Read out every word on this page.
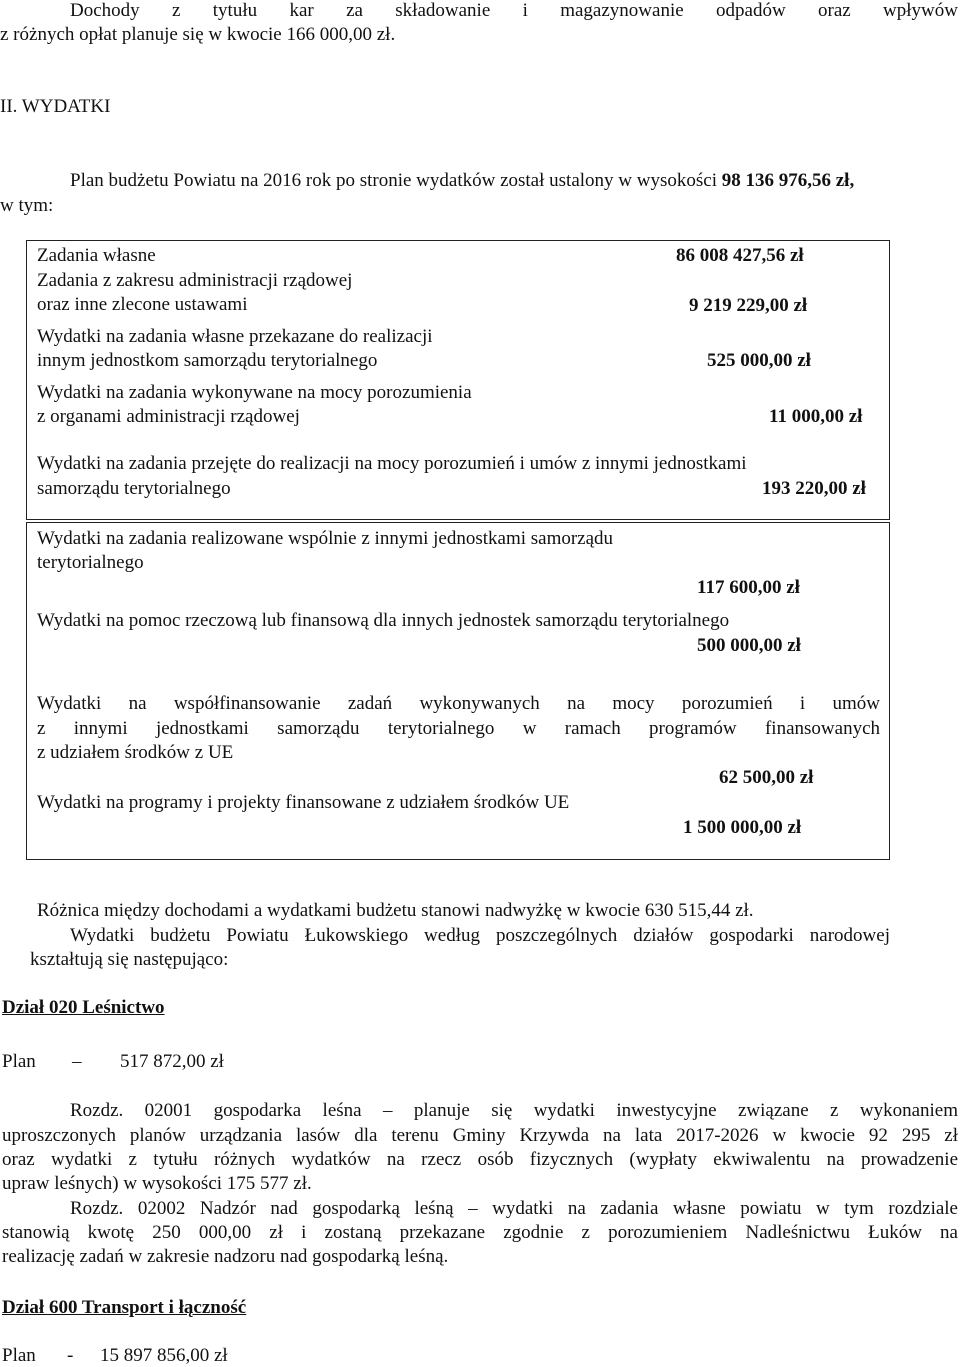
Dochody z tytułu kar za składowanie i magazynowanie odpadów oraz wpływów
z różnych opłat planuje się w kwocie 166 000,00 zł.
II. WYDATKI
Plan budżetu Powiatu na 2016 rok po stronie wydatków został ustalony w wysokości 98 136 976,56 zł,
w tym:
Zadania własne	86 008 427,56 zł
Zadania z zakresu administracji rządowej
oraz inne zlecone ustawami	9 219 229,00 zł
Wydatki na zadania własne przekazane do realizacji
innym jednostkom samorządu terytorialnego	525 000,00 zł
Wydatki na zadania wykonywane na mocy porozumienia
z organami administracji rządowej	11 000,00 zł
Wydatki na zadania przejęte do realizacji na mocy porozumień i umów z innymi jednostkami
samorządu terytorialnego	193 220,00 zł
Wydatki na zadania realizowane wspólnie z innymi jednostkami samorządu
terytorialnego
117 600,00 zł
Wydatki na pomoc rzeczową lub finansową dla innych jednostek samorządu terytorialnego
500 000,00 zł
Wydatki na współfinansowanie zadań wykonywanych na mocy porozumień i umów
z innymi jednostkami samorządu terytorialnego w ramach programów finansowanych
z udziałem środków z UE
62 500,00 zł
Wydatki na programy i projekty finansowane z udziałem środków UE
1 500 000,00 zł
Różnica między dochodami a wydatkami budżetu stanowi nadwyżkę w kwocie 630 515,44 zł.
Wydatki budżetu Powiatu Łukowskiego według poszczególnych działów gospodarki narodowej
kształtują się następująco:
Dział 020 Leśnictwo
Plan – 517 872,00 zł
Rozdz. 02001 gospodarka leśna – planuje się wydatki inwestycyjne związane z wykonaniem
uproszczonych planów urządzania lasów dla terenu Gminy Krzywda na lata 2017-2026 w kwocie 92 295 zł
oraz wydatki z tytułu różnych wydatków na rzecz osób fizycznych (wypłaty ekwiwalentu na prowadzenie
upraw leśnych) w wysokości 175 577 zł.
Rozdz. 02002 Nadzór nad gospodarką leśną – wydatki na zadania własne powiatu w tym rozdziale
stanowią kwotę 250 000,00 zł i zostaną przekazane zgodnie z porozumieniem Nadleśnictwu Łuków na
realizację zadań w zakresie nadzoru nad gospodarką leśną.
Dział 600 Transport i łączność
Plan - 15 897 856,00 zł
